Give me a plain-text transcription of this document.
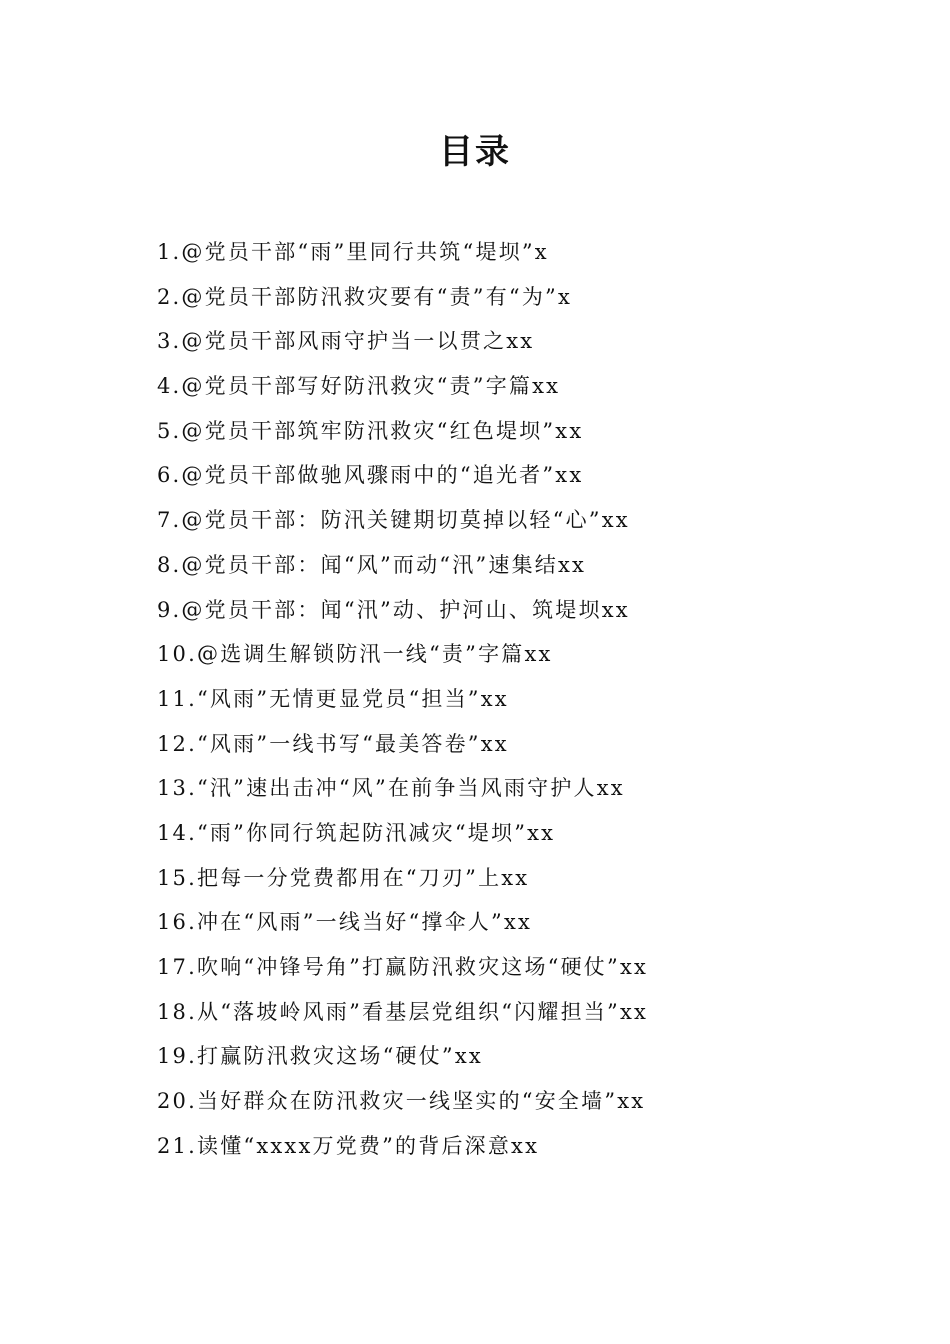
目录
1.@党员干部“雨”里同行共筑“堤坝”x
2.@党员干部防汛救灾要有“责”有“为”x
3.@党员干部风雨守护当一以贯之xx
4.@党员干部写好防汛救灾“责”字篇xx
5.@党员干部筑牢防汛救灾“红色堤坝”xx
6.@党员干部做驰风骤雨中的“追光者”xx
7.@党员干部：防汛关键期切莫掉以轻“心”xx
8.@党员干部：闻“风”而动“汛”速集结xx
9.@党员干部：闻“汛”动、护河山、筑堤坝xx
10.@选调生解锁防汛一线“责”字篇xx
11.“风雨”无情更显党员“担当”xx
12.“风雨”一线书写“最美答卷”xx
13.“汛”速出击冲“风”在前争当风雨守护人xx
14.“雨”你同行筑起防汛减灾“堤坝”xx
15.把每一分党费都用在“刀刃”上xx
16.冲在“风雨”一线当好“撑伞人”xx
17.吹响“冲锋号角”打赢防汛救灾这场“硬仗”xx
18.从“落坡岭风雨”看基层党组织“闪耀担当”xx
19.打赢防汛救灾这场“硬仗”xx
20.当好群众在防汛救灾一线坚实的“安全墙”xx
21.读懂“xxxx万党费”的背后深意xx
